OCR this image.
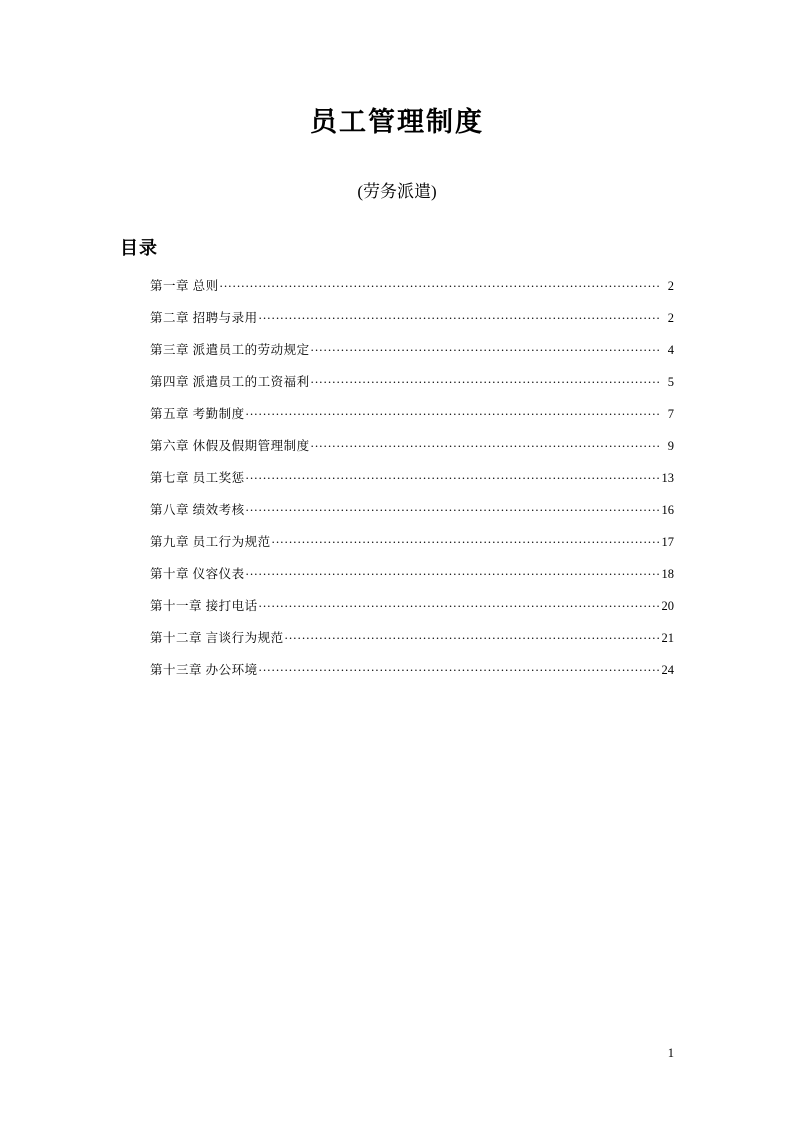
员工管理制度
(劳务派遣)
目录
第一章 总则 .....	2
第二章 招聘与录用 .....	2
第三章 派遣员工的劳动规定 .....	4
第四章 派遣员工的工资福利 .....	5
第五章 考勤制度 .....	7
第六章 休假及假期管理制度 .....	9
第七章 员工奖惩 .....	13
第八章 绩效考核 .....	16
第九章 员工行为规范 .....	17
第十章 仪容仪表 .....	18
第十一章 接打电话 .....	20
第十二章 言谈行为规范 .....	21
第十三章 办公环境 .....	24
1
